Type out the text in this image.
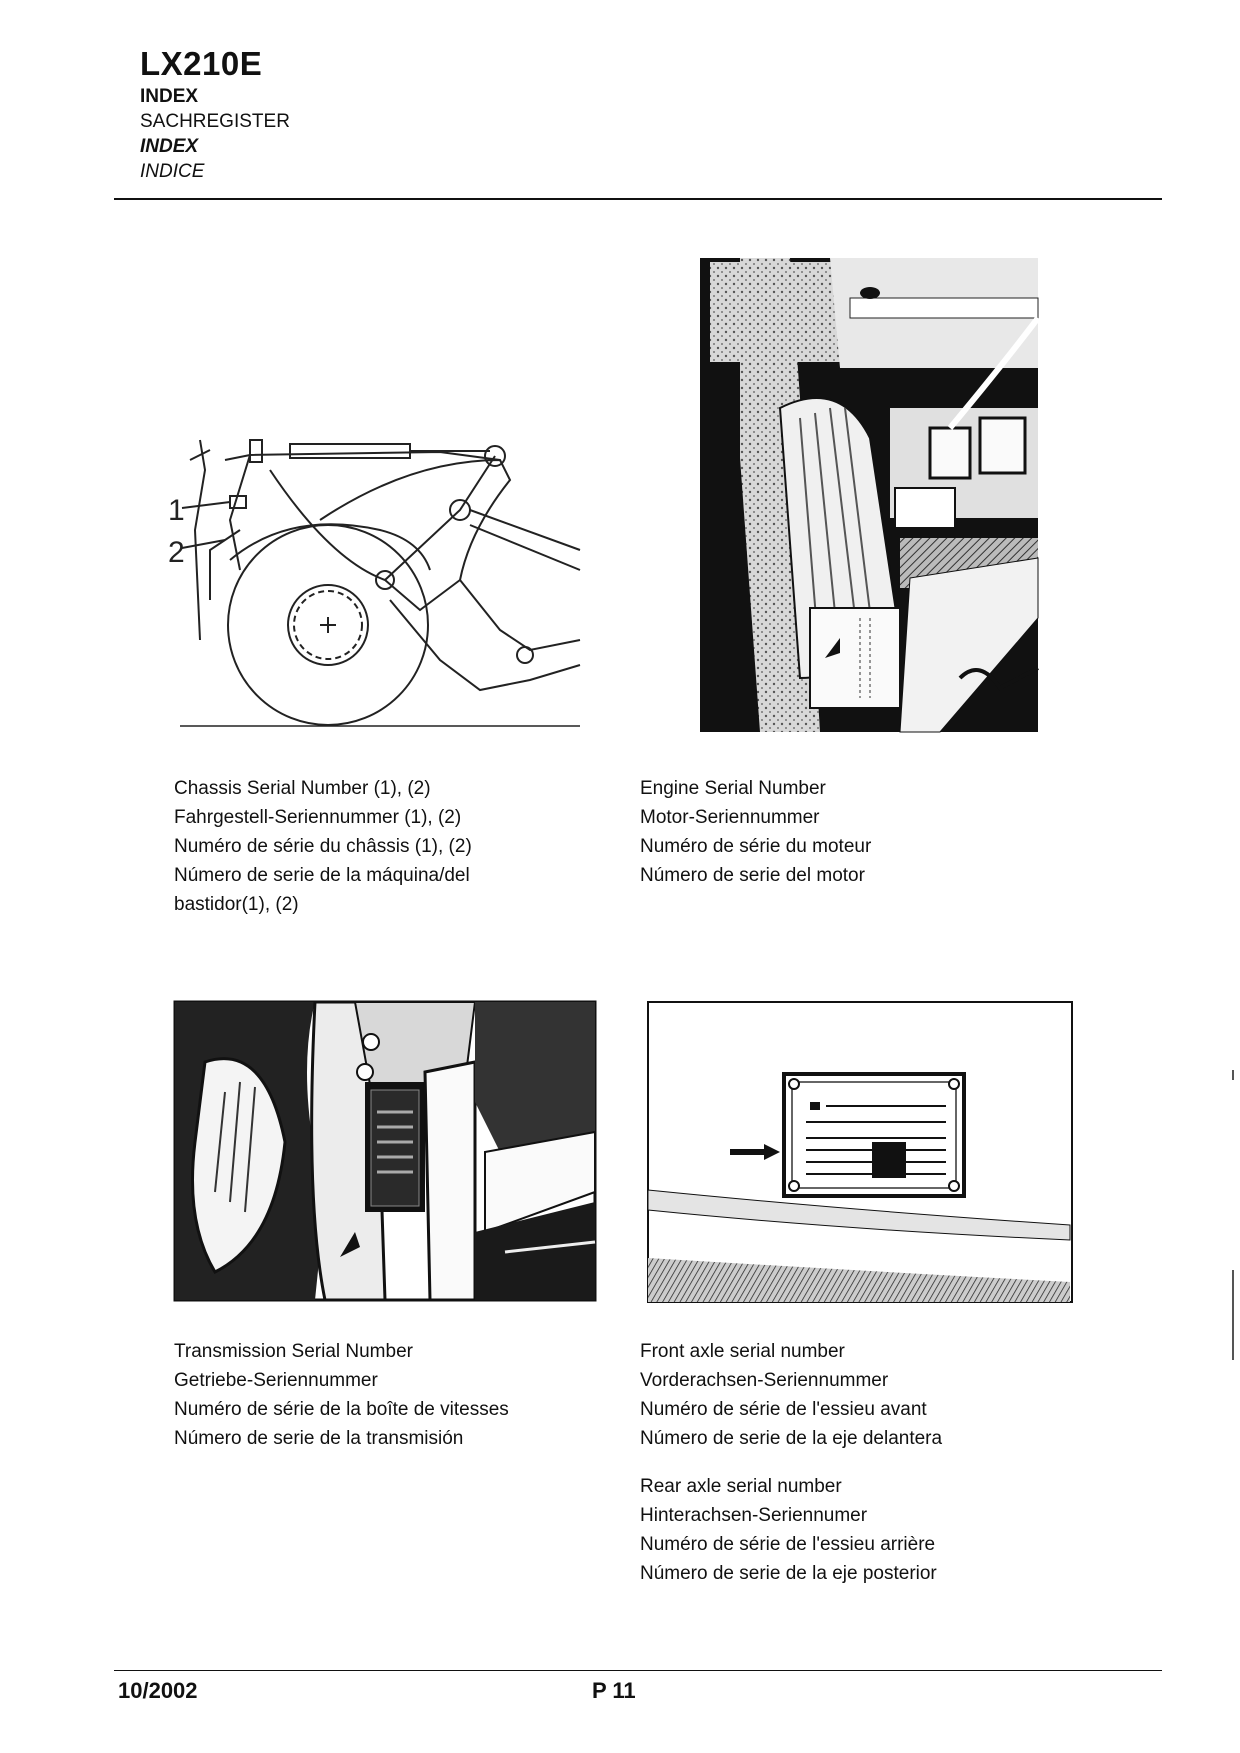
LX210E
INDEX
SACHREGISTER
INDEX
INDICE
1
2
Chassis Serial Number (1), (2)
Fahrgestell-Seriennummer (1), (2)
Numéro de série du châssis (1), (2)
Número de serie de la máquina/del
bastidor(1), (2)
Engine Serial Number
Motor-Seriennummer
Numéro de série du moteur
Número de serie del motor
Transmission Serial Number
Getriebe-Seriennummer
Numéro de série de la boîte de vitesses
Número de serie de la transmisión
Front axle serial number
Vorderachsen-Seriennummer
Numéro de série de l'essieu avant
Número de serie de la eje delantera
Rear axle serial number
Hinterachsen-Seriennumer
Numéro de série de l'essieu arrière
Número de serie de la eje posterior
10/2002	P 11
